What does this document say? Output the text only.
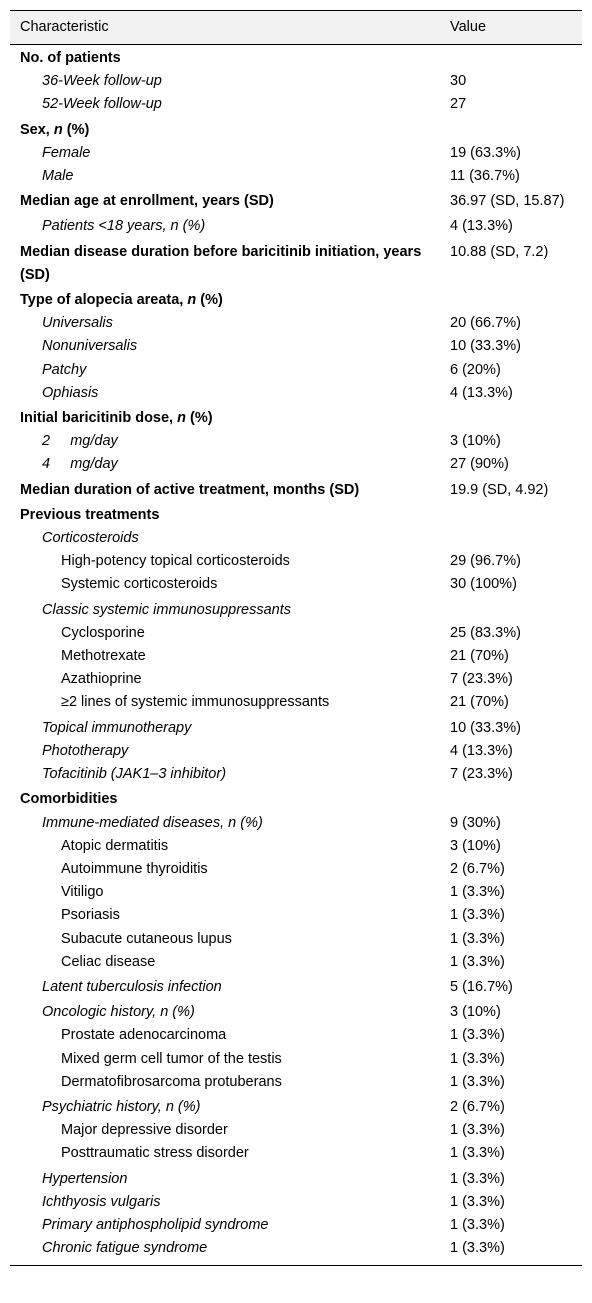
Characteristic	Value
No. of patients	
36-Week follow-up	30
52-Week follow-up	27
Sex, n (%)	
Female	19 (63.3%)
Male	11 (36.7%)
Median age at enrollment, years (SD)	36.97 (SD, 15.87)
Patients <18 years, n (%)	4 (13.3%)
Median disease duration before baricitinib initiation, years (SD)	10.88 (SD, 7.2)
Type of alopecia areata, n (%)	
Universalis	20 (66.7%)
Nonuniversalis	10 (33.3%)
Patchy	6 (20%)
Ophiasis	4 (13.3%)
Initial baricitinib dose, n (%)	
2     mg/day	3 (10%)
4     mg/day	27 (90%)
Median duration of active treatment, months (SD)	19.9 (SD, 4.92)
Previous treatments	
Corticosteroids	
High-potency topical corticosteroids	29 (96.7%)
Systemic corticosteroids	30 (100%)
Classic systemic immunosuppressants	
Cyclosporine	25 (83.3%)
Methotrexate	21 (70%)
Azathioprine	7 (23.3%)
≥2 lines of systemic immunosuppressants	21 (70%)
Topical immunotherapy	10 (33.3%)
Phototherapy	4 (13.3%)
Tofacitinib (JAK1–3 inhibitor)	7 (23.3%)
Comorbidities	
Immune-mediated diseases, n (%)	9 (30%)
Atopic dermatitis	3 (10%)
Autoimmune thyroiditis	2 (6.7%)
Vitiligo	1 (3.3%)
Psoriasis	1 (3.3%)
Subacute cutaneous lupus	1 (3.3%)
Celiac disease	1 (3.3%)
Latent tuberculosis infection	5 (16.7%)
Oncologic history, n (%)	3 (10%)
Prostate adenocarcinoma	1 (3.3%)
Mixed germ cell tumor of the testis	1 (3.3%)
Dermatofibrosarcoma protuberans	1 (3.3%)
Psychiatric history, n (%)	2 (6.7%)
Major depressive disorder	1 (3.3%)
Posttraumatic stress disorder	1 (3.3%)
Hypertension	1 (3.3%)
Ichthyosis vulgaris	1 (3.3%)
Primary antiphospholipid syndrome	1 (3.3%)
Chronic fatigue syndrome	1 (3.3%)
